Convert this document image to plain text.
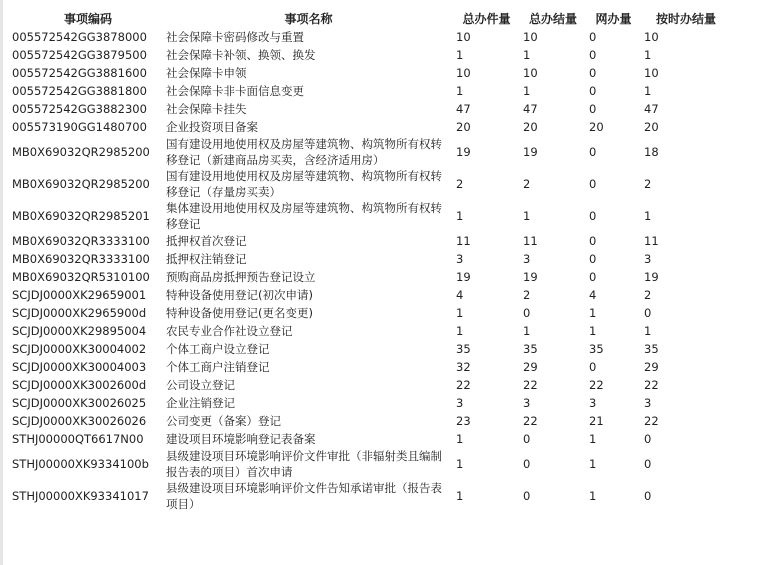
事项编码	事项名称	总办件量	总办结量	网办量	按时办结量
005572542GG3878000	社会保障卡密码修改与重置	10	10	0	10
005572542GG3879500	社会保障卡补领、换领、换发	1	1	0	1
005572542GG3881600	社会保障卡申领	10	10	0	10
005572542GG3881800	社会保障卡非卡面信息变更	1	1	0	1
005572542GG3882300	社会保障卡挂失	47	47	0	47
005573190GG1480700	企业投资项目备案	20	20	20	20
MB0X69032QR2985200	国有建设用地使用权及房屋等建筑物、构筑物所有权转移登记（新建商品房买卖，含经济适用房）	19	19	0	18
MB0X69032QR2985200	国有建设用地使用权及房屋等建筑物、构筑物所有权转移登记（存量房买卖）	2	2	0	2
MB0X69032QR2985201	集体建设用地使用权及房屋等建筑物、构筑物所有权转移登记	1	1	0	1
MB0X69032QR3333100	抵押权首次登记	11	11	0	11
MB0X69032QR3333100	抵押权注销登记	3	3	0	3
MB0X69032QR5310100	预购商品房抵押预告登记设立	19	19	0	19
SCJDJ0000XK29659001	特种设备使用登记(初次申请)	4	2	4	2
SCJDJ0000XK2965900d	特种设备使用登记(更名变更)	1	0	1	0
SCJDJ0000XK29895004	农民专业合作社设立登记	1	1	1	1
SCJDJ0000XK30004002	个体工商户设立登记	35	35	35	35
SCJDJ0000XK30004003	个体工商户注销登记	32	29	0	29
SCJDJ0000XK3002600d	公司设立登记	22	22	22	22
SCJDJ0000XK30026025	企业注销登记	3	3	3	3
SCJDJ0000XK30026026	公司变更（备案）登记	23	22	21	22
STHJ00000QT6617N00	建设项目环境影响登记表备案	1	0	1	0
STHJ00000XK9334100b	县级建设项目环境影响评价文件审批（非辐射类且编制报告表的项目）首次申请	1	0	1	0
STHJ00000XK93341017	县级建设项目环境影响评价文件告知承诺审批（报告表项目）	1	0	1	0
